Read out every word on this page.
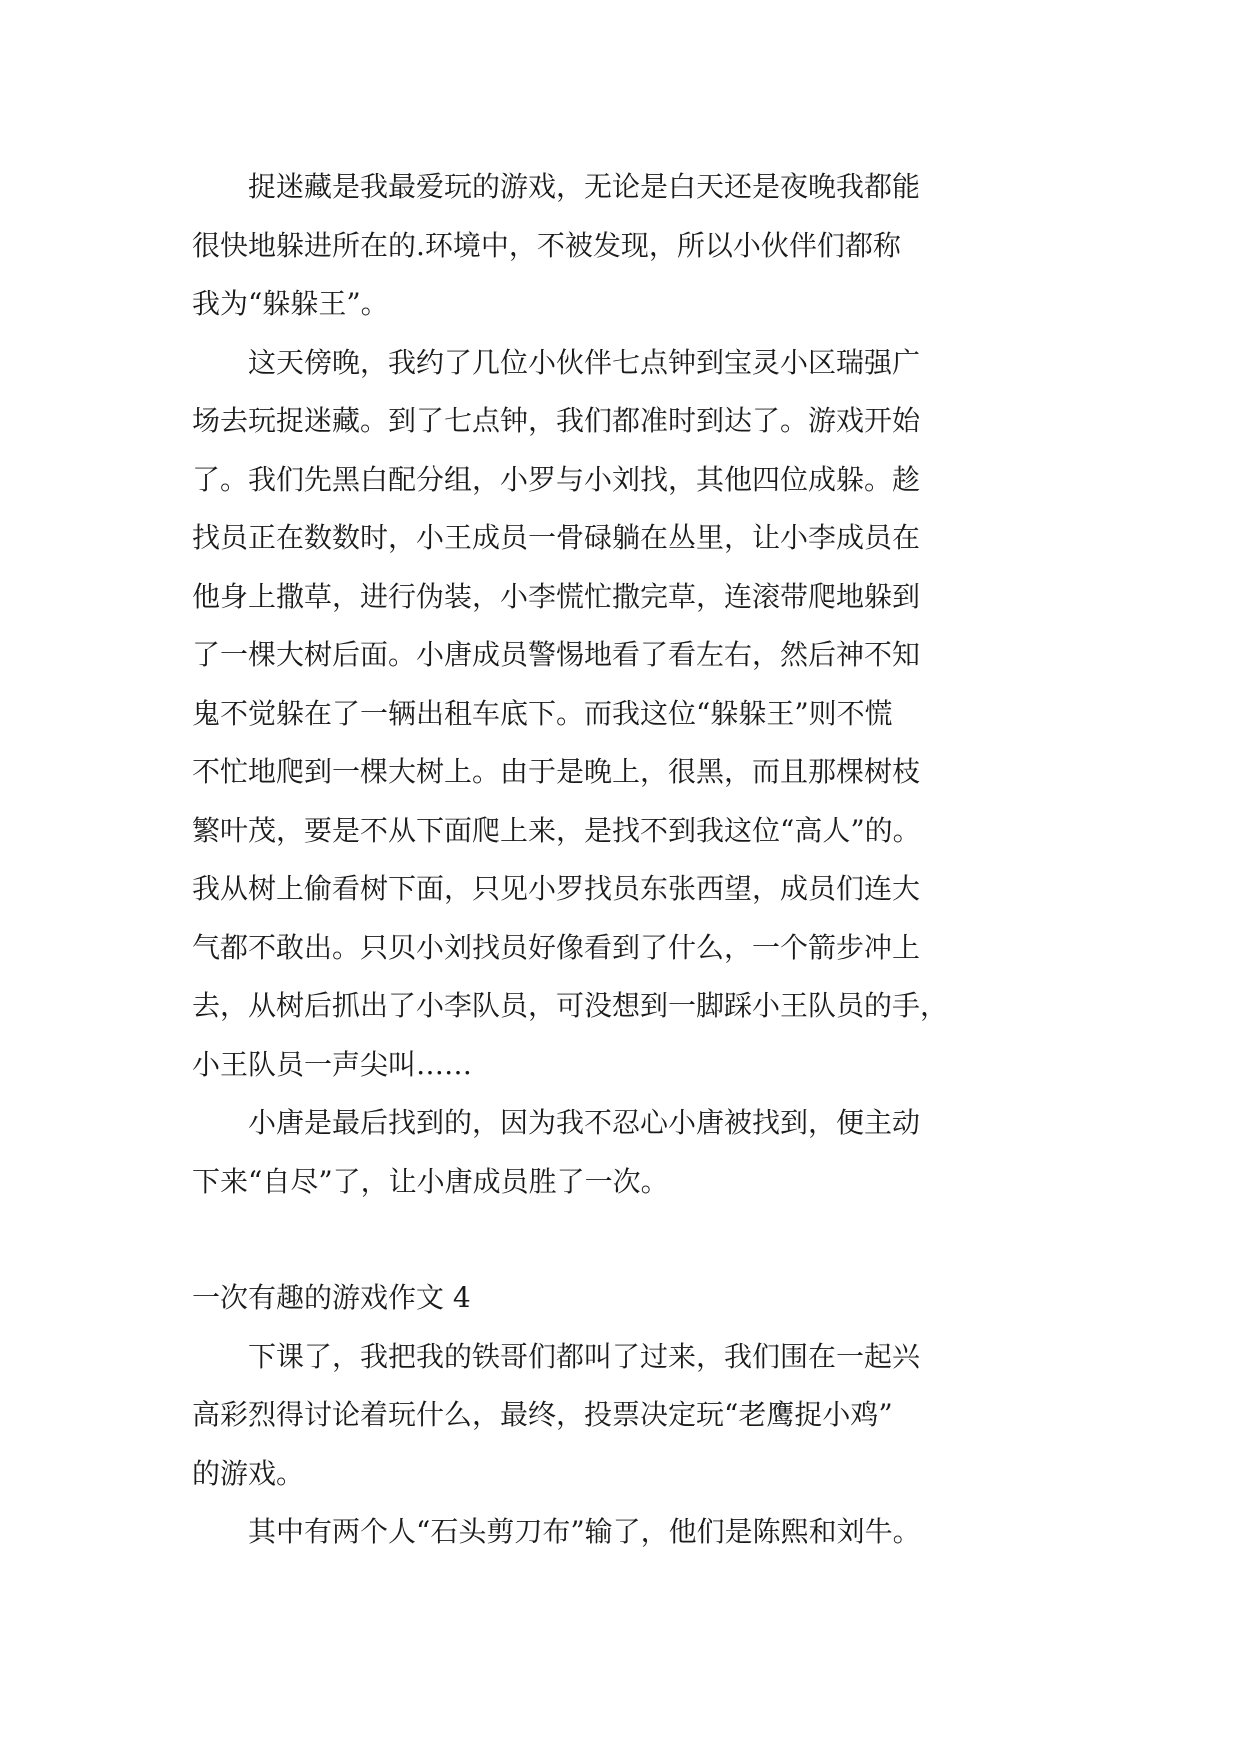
捉迷藏是我最爱玩的游戏，无论是白天还是夜晚我都能
很快地躲进所在的.环境中，不被发现，所以小伙伴们都称
我为“躲躲王”。

这天傍晚，我约了几位小伙伴七点钟到宝灵小区瑞强广
场去玩捉迷藏。到了七点钟，我们都准时到达了。游戏开始
了。我们先黑白配分组，小罗与小刘找，其他四位成躲。趁
找员正在数数时，小王成员一骨碌躺在丛里，让小李成员在
他身上撒草，进行伪装，小李慌忙撒完草，连滚带爬地躲到
了一棵大树后面。小唐成员警惕地看了看左右，然后神不知
鬼不觉躲在了一辆出租车底下。而我这位“躲躲王”则不慌
不忙地爬到一棵大树上。由于是晚上，很黑，而且那棵树枝
繁叶茂，要是不从下面爬上来，是找不到我这位“高人”的。
我从树上偷看树下面，只见小罗找员东张西望，成员们连大
气都不敢出。只贝小刘找员好像看到了什么，一个箭步冲上
去，从树后抓出了小李队员，可没想到一脚踩小王队员的手，
小王队员一声尖叫……

小唐是最后找到的，因为我不忍心小唐被找到，便主动
下来“自尽”了，让小唐成员胜了一次。

一次有趣的游戏作文 4

下课了，我把我的铁哥们都叫了过来，我们围在一起兴
高彩烈得讨论着玩什么，最终，投票决定玩“老鹰捉小鸡”
的游戏。

其中有两个人“石头剪刀布”输了，他们是陈熙和刘牛。
